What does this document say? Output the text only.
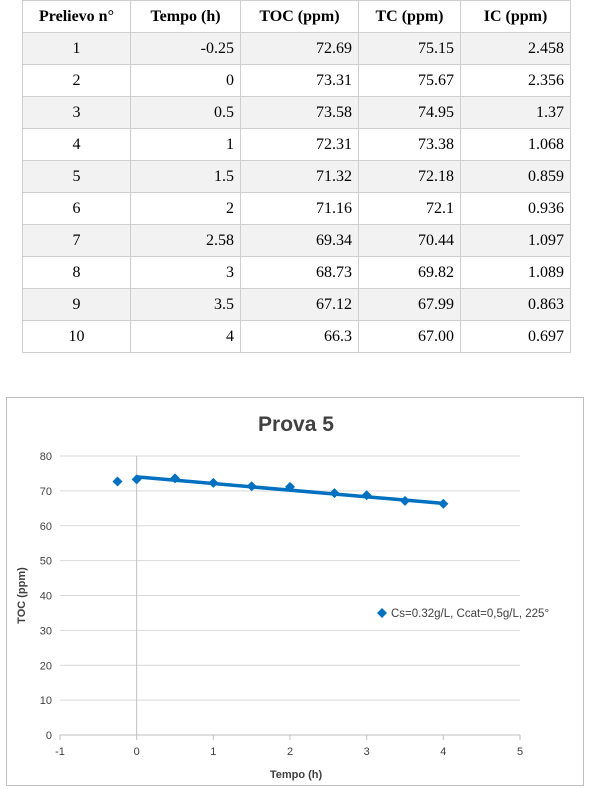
Prelievo n°	Tempo (h)	TOC (ppm)	TC (ppm)	IC (ppm)
1	-0.25	72.69	75.15	2.458
2	0	73.31	75.67	2.356
3	0.5	73.58	74.95	1.37
4	1	72.31	73.38	1.068
5	1.5	71.32	72.18	0.859
6	2	71.16	72.1	0.936
7	2.58	69.34	70.44	1.097
8	3	68.73	69.82	1.089
9	3.5	67.12	67.99	0.863
10	4	66.3	67.00	0.697
Prova 5
0
10
20
30
40
50
60
70
80
-1	0	1	2	3	4	5
Tempo (h)
TOC (ppm)	Cs=0.32g/L, Ccat=0,5g/L, 225°
